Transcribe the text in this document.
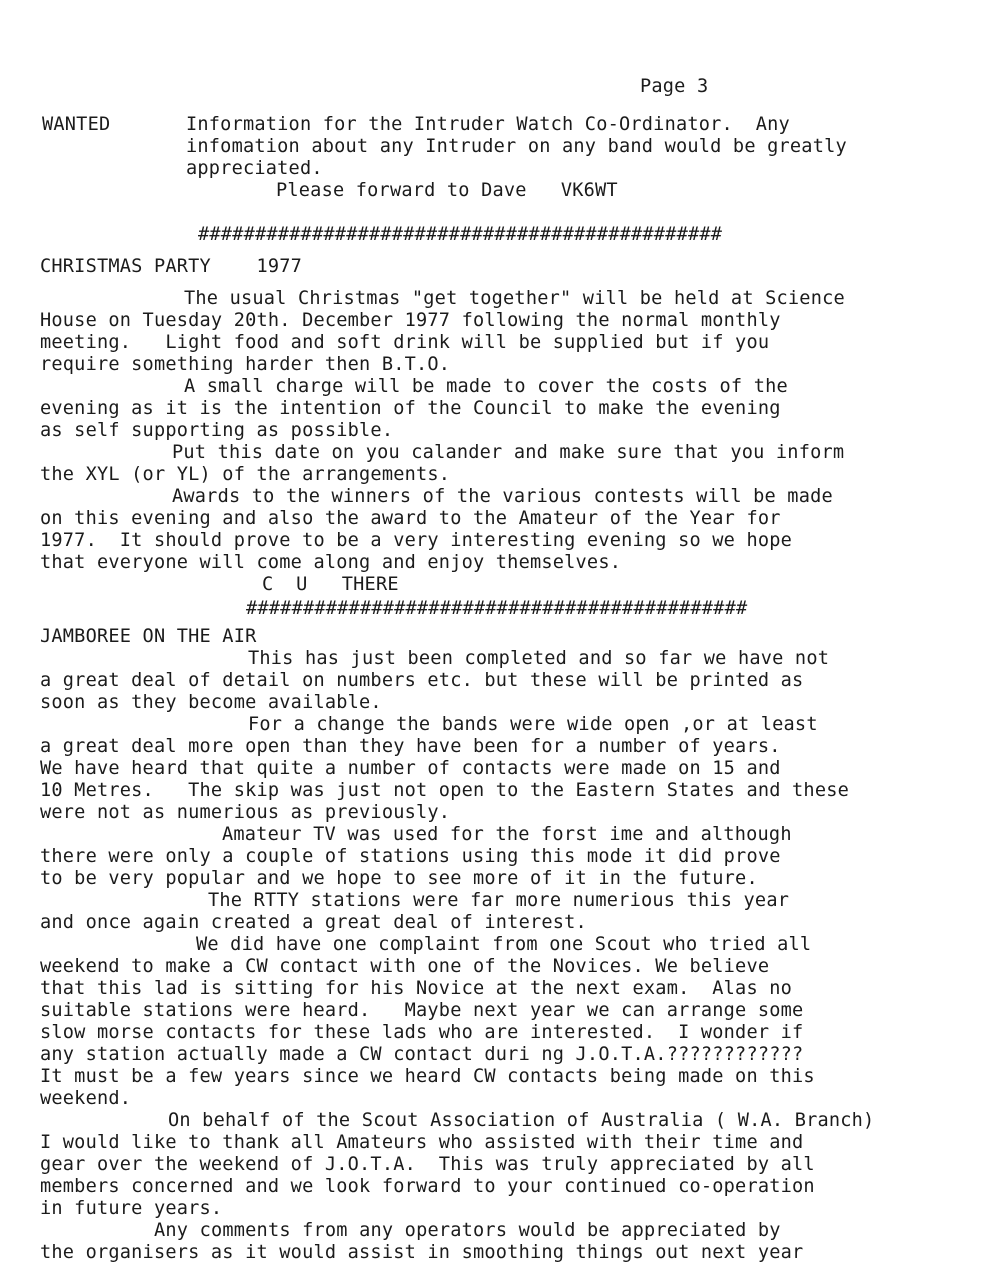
Page 3
WANTED	Information for the Intruder Watch Co-Ordinator.  Any
infomation about any Intruder on any band would be greatly
appreciated.
Please forward to Dave   VK6WT
##############################################
CHRISTMAS PARTY    1977
The usual Christmas "get together" will be held at Science
House on Tuesday 20th. December 1977 following the normal monthly
meeting.   Light food and soft drink will be supplied but if you
require something harder then B.T.O.
A small charge will be made to cover the costs of the
evening as it is the intention of the Council to make the evening
as self supporting as possible.
Put this date on you calander and make sure that you inform
the XYL (or YL) of the arrangements.
Awards to the winners of the various contests will be made
on this evening and also the award to the Amateur of the Year for
1977.  It should prove to be a very interesting evening so we hope
that everyone will come along and enjoy themselves.
C  U   THERE
############################################
JAMBOREE ON THE AIR
This has just been completed and so far we have not
a great deal of detail on numbers etc. but these will be printed as
soon as they become available.
For a change the bands were wide open ,or at least
a great deal more open than they have been for a number of years.
We have heard that quite a number of contacts were made on 15 and
10 Metres.   The skip was just not open to the Eastern States and these
were not as numerious as previously.
Amateur TV was used for the forst ime and although
there were only a couple of stations using this mode it did prove
to be very popular and we hope to see more of it in the future.
The RTTY stations were far more numerious this year
and once again created a great deal of interest.
We did have one complaint from one Scout who tried all
weekend to make a CW contact with one of the Novices. We believe
that this lad is sitting for his Novice at the next exam.  Alas no
suitable stations were heard.   Maybe next year we can arrange some
slow morse contacts for these lads who are interested.  I wonder if
any station actually made a CW contact duri ng J.O.T.A.????????????
It must be a few years since we heard CW contacts being made on this
weekend.
On behalf of the Scout Association of Australia ( W.A. Branch)
I would like to thank all Amateurs who assisted with their time and
gear over the weekend of J.O.T.A.  This was truly appreciated by all
members concerned and we look forward to your continued co-operation
in future years.
Any comments from any operators would be appreciated by
the organisers as it would assist in smoothing things out next year
